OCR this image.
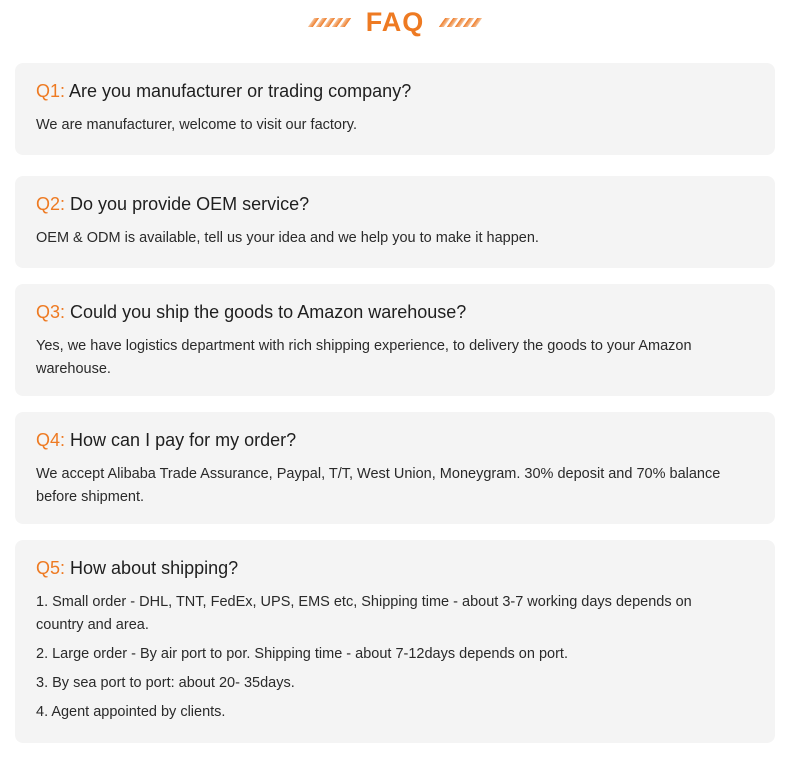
FAQ
Q1: Are you manufacturer or trading company?
We are manufacturer, welcome to visit our factory.
Q2: Do you provide OEM service?
OEM & ODM is available, tell us your idea and we help you to make it happen.
Q3: Could you ship the goods to Amazon warehouse?
Yes, we have logistics department with rich shipping experience, to delivery the goods to your Amazon warehouse.
Q4: How can I pay for my order?
We accept Alibaba Trade Assurance, Paypal, T/T, West Union, Moneygram. 30% deposit and 70% balance before shipment.
Q5: How about shipping?

1. Small order - DHL, TNT, FedEx, UPS, EMS etc, Shipping time - about 3-7 working days depends on country and area.

2. Large order - By air port to por. Shipping time - about 7-12days depends on port.

3. By sea port to port: about 20- 35days.

4. Agent appointed by clients.
